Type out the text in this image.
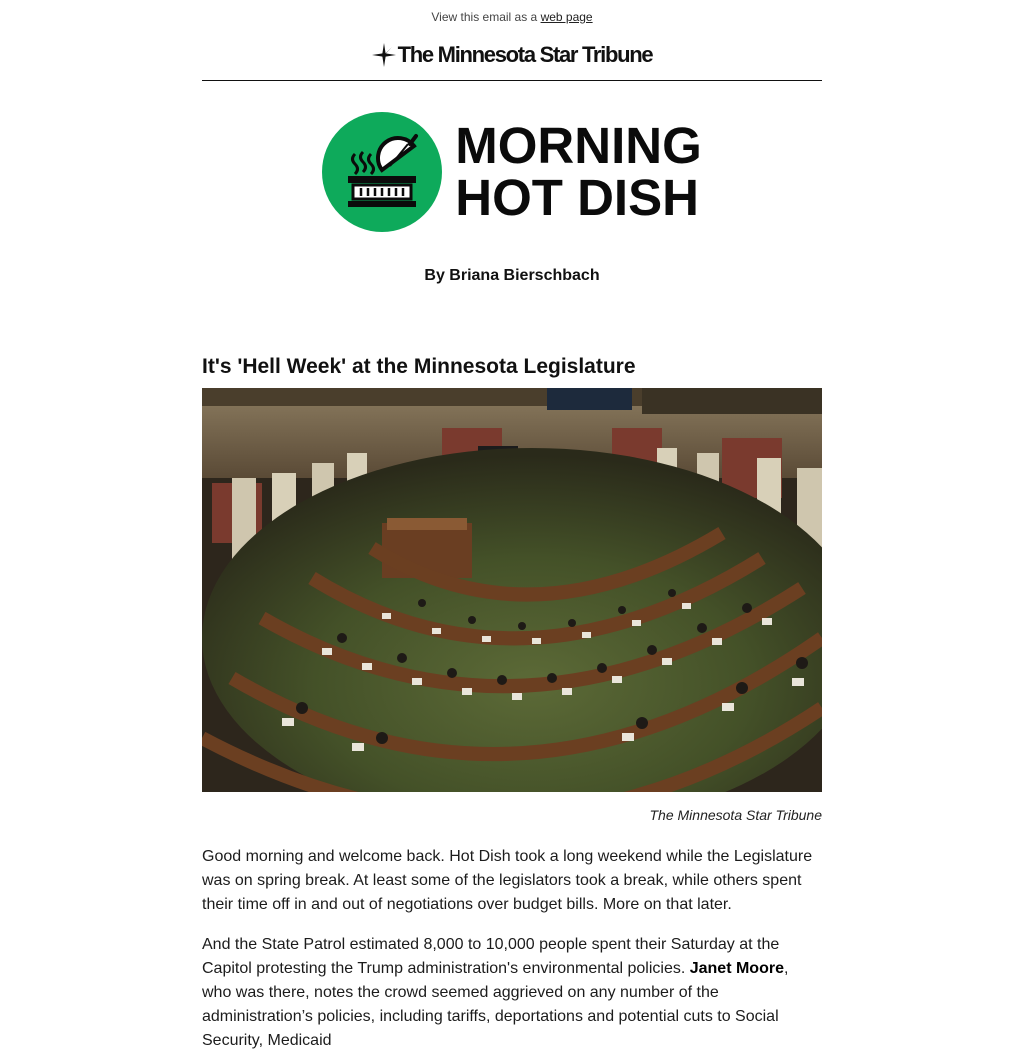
View this email as a web page
The Minnesota Star Tribune
MORNING
HOT DISH
By Briana Bierschbach
It's 'Hell Week' at the Minnesota Legislature
The Minnesota Star Tribune

Good morning and welcome back. Hot Dish took a long weekend while the Legislature was on spring break. At least some of the legislators took a break, while others spent their time off in and out of negotiations over budget bills. More on that later.

And the State Patrol estimated 8,000 to 10,000 people spent their Saturday at the Capitol protesting the Trump administration's environmental policies. Janet Moore, who was there, notes the crowd seemed aggrieved on any number of the administration’s policies, including tariffs, deportations and potential cuts to Social Security, Medicaid
